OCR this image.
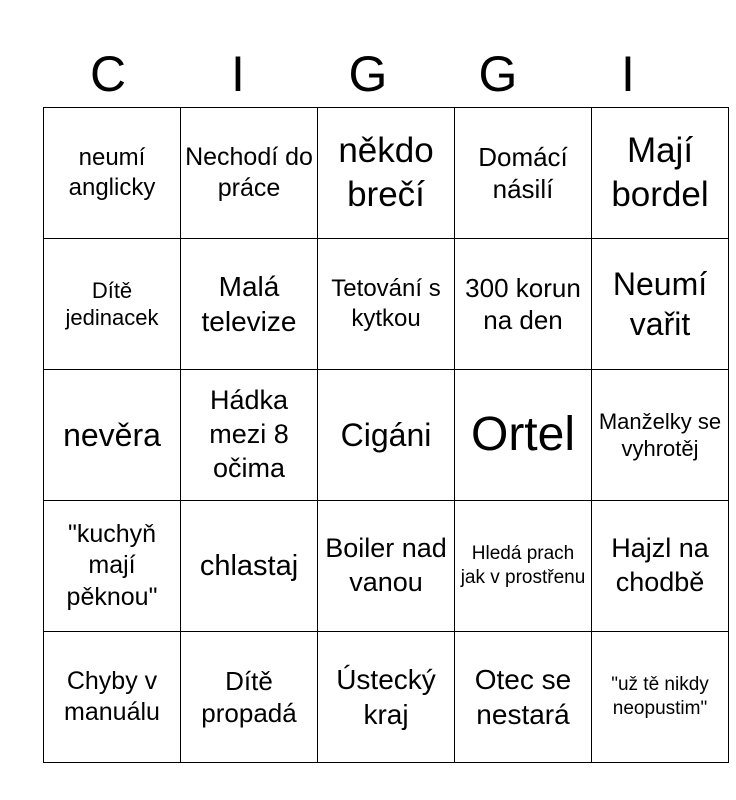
C	I	G	G	I
neumí anglicky	Nechodí do práce	někdo brečí	Domácí násilí	Mají bordel
Dítě jedinacek	Malá televize	Tetování s kytkou	300 korun na den	Neumí vařit
nevěra	Hádka mezi 8 očima	Cigáni	Ortel	Manželky se vyhrotěj
"kuchyň mají pěknou"	chlastaj	Boiler nad vanou	Hledá prach jak v prostřenu	Hajzl na chodbě
Chyby v manuálu	Dítě propadá	Ústecký kraj	Otec se nestará	"už tě nikdy neopustim"
